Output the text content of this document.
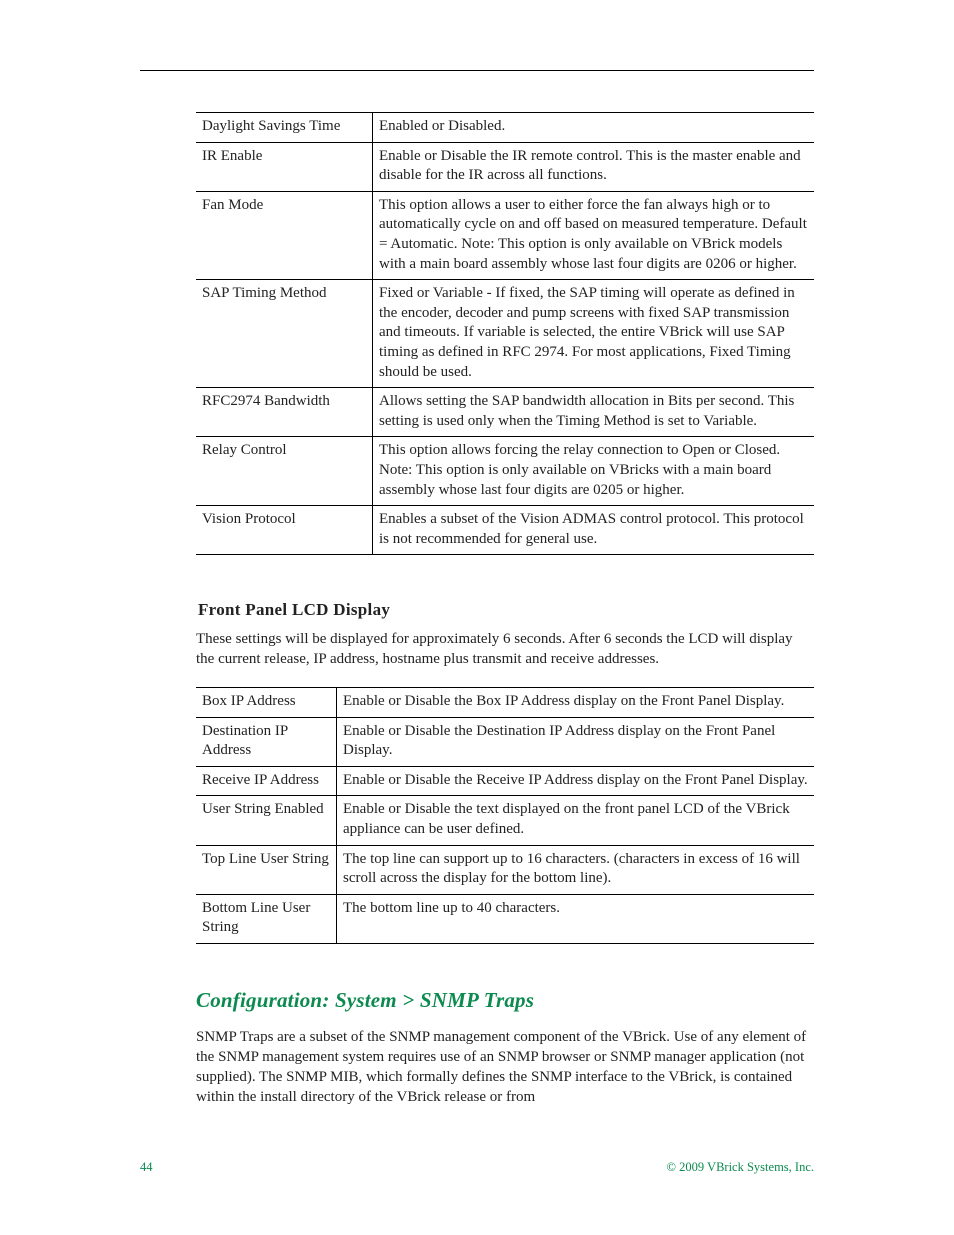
Daylight Savings Time	Enabled or Disabled.
IR Enable	Enable or Disable the IR remote control. This is the master enable and disable for the IR across all functions.
Fan Mode	This option allows a user to either force the fan always high or to automatically cycle on and off based on measured temperature. Default = Automatic. Note: This option is only available on VBrick models with a main board assembly whose last four digits are 0206 or higher.
SAP Timing Method	Fixed or Variable - If fixed, the SAP timing will operate as defined in the encoder, decoder and pump screens with fixed SAP transmission and timeouts. If variable is selected, the entire VBrick will use SAP timing as defined in RFC 2974. For most applications, Fixed Timing should be used.
RFC2974 Bandwidth	Allows setting the SAP bandwidth allocation in Bits per second. This setting is used only when the Timing Method is set to Variable.
Relay Control	This option allows forcing the relay connection to Open or Closed. Note: This option is only available on VBricks with a main board assembly whose last four digits are 0205 or higher.
Vision Protocol	Enables a subset of the Vision ADMAS control protocol. This protocol is not recommended for general use.
Front Panel LCD Display

These settings will be displayed for approximately 6 seconds. After 6 seconds the LCD will display the current release, IP address, hostname plus transmit and receive addresses.

Box IP Address	Enable or Disable the Box IP Address display on the Front Panel Display.
Destination IP Address	Enable or Disable the Destination IP Address display on the Front Panel Display.
Receive IP Address	Enable or Disable the Receive IP Address display on the Front Panel Display.
User String Enabled	Enable or Disable the text displayed on the front panel LCD of the VBrick appliance can be user defined.
Top Line User String	The top line can support up to 16 characters. (characters in excess of 16 will scroll across the display for the bottom line).
Bottom Line User String	The bottom line up to 40 characters.
Configuration: System > SNMP Traps

SNMP Traps are a subset of the SNMP management component of the VBrick. Use of any element of the SNMP management system requires use of an SNMP browser or SNMP manager application (not supplied). The SNMP MIB, which formally defines the SNMP interface to the VBrick, is contained within the install directory of the VBrick release or from

44	© 2009 VBrick Systems, Inc.
